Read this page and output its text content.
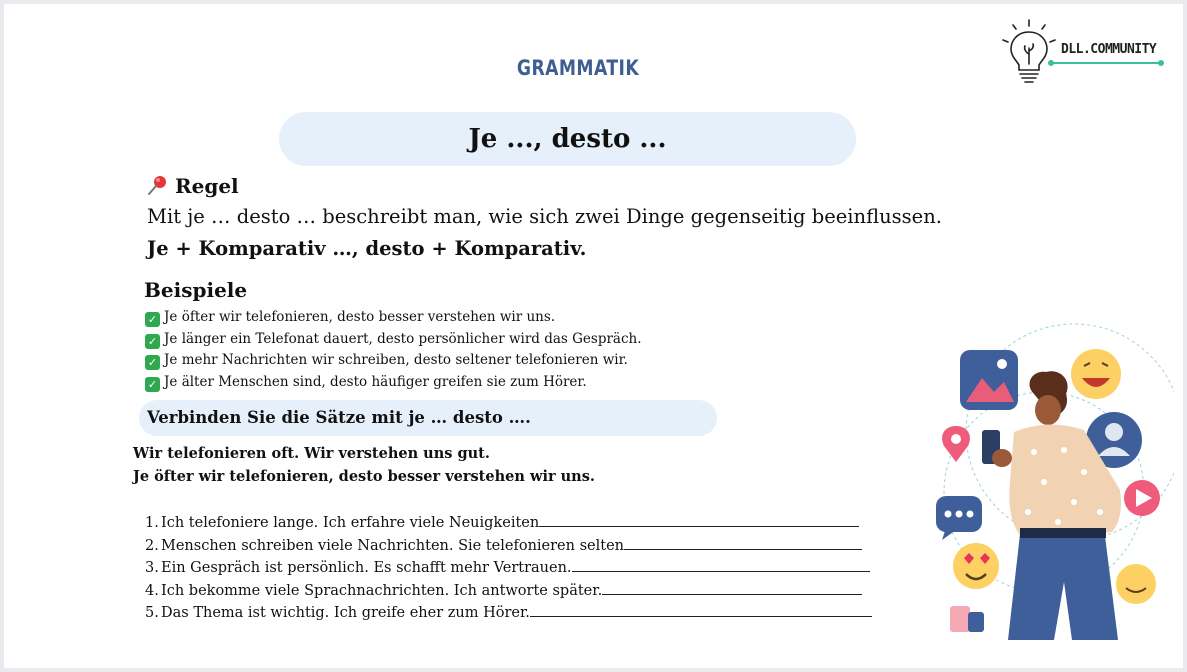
GRAMMATIK
DLL.COMMUNITY
Je ..., desto ...
Regel
Mit je … desto … beschreibt man, wie sich zwei Dinge gegenseitig beeinflussen.
Je + Komparativ …, desto + Komparativ.
Beispiele
✓ Je öfter wir telefonieren, desto besser verstehen wir uns.
✓ Je länger ein Telefonat dauert, desto persönlicher wird das Gespräch.
✓ Je mehr Nachrichten wir schreiben, desto seltener telefonieren wir.
✓ Je älter Menschen sind, desto häufiger greifen sie zum Hörer.
Verbinden Sie die Sätze mit je … desto ….
Wir telefonieren oft. Wir verstehen uns gut.
Je öfter wir telefonieren, desto besser verstehen wir uns.
1. Ich telefoniere lange. Ich erfahre viele Neuigkeiten
2. Menschen schreiben viele Nachrichten. Sie telefonieren selten
3. Ein Gespräch ist persönlich. Es schafft mehr Vertrauen.
4. Ich bekomme viele Sprachnachrichten. Ich antworte später.
5. Das Thema ist wichtig. Ich greife eher zum Hörer.
